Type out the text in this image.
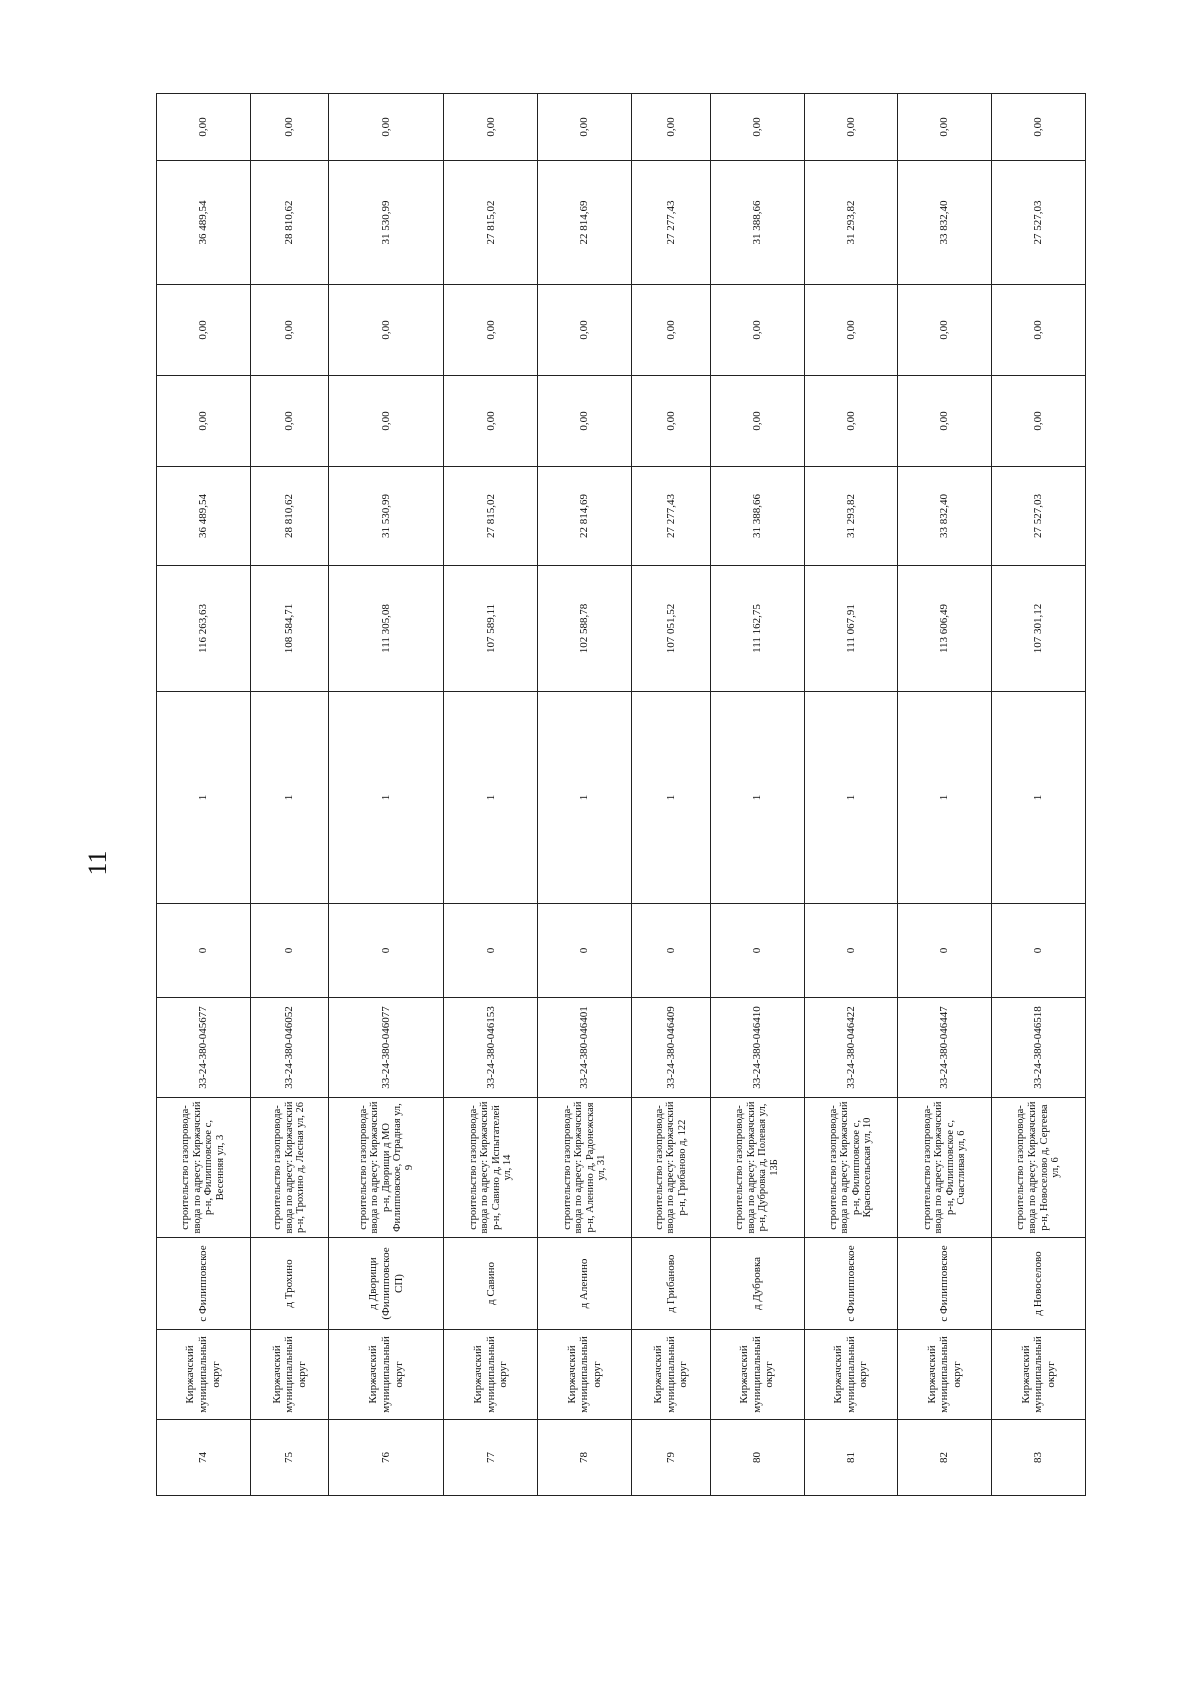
11
74	Киржачский муниципальный округ	с Филипповское	строительство газопровода-ввода по адресу: Киржачский р-н, Филипповское с, Весенняя ул, 3	33-24-380-045677	0	1	116 263,63	36 489,54	0,00	0,00	36 489,54	0,00
75	Киржачский муниципальный округ	д Трохино	строительство газопровода-ввода по адресу: Киржачский р-н, Трохино д, Лесная ул, 26	33-24-380-046052	0	1	108 584,71	28 810,62	0,00	0,00	28 810,62	0,00
76	Киржачский муниципальный округ	д Дворищи (Филипповское СП)	строительство газопровода-ввода по адресу: Киржачский р-н, Дворищи д МО Филипповское, Отрадная ул, 9	33-24-380-046077	0	1	111 305,08	31 530,99	0,00	0,00	31 530,99	0,00
77	Киржачский муниципальный округ	д Савино	строительство газопровода-ввода по адресу: Киржачский р-н, Савино д, Испытателей ул, 14	33-24-380-046153	0	1	107 589,11	27 815,02	0,00	0,00	27 815,02	0,00
78	Киржачский муниципальный округ	д Аленино	строительство газопровода-ввода по адресу: Киржачский р-н, Аленино д, Радонежская ул, 31	33-24-380-046401	0	1	102 588,78	22 814,69	0,00	0,00	22 814,69	0,00
79	Киржачский муниципальный округ	д Грибаново	строительство газопровода-ввода по адресу: Киржачский р-н, Грибаново д, 122	33-24-380-046409	0	1	107 051,52	27 277,43	0,00	0,00	27 277,43	0,00
80	Киржачский муниципальный округ	д Дубровка	строительство газопровода-ввода по адресу: Киржачский р-н, Дубровка д, Полевая ул, 13Б	33-24-380-046410	0	1	111 162,75	31 388,66	0,00	0,00	31 388,66	0,00
81	Киржачский муниципальный округ	с Филипповское	строительство газопровода-ввода по адресу: Киржачский р-н, Филипповское с, Красносельская ул, 10	33-24-380-046422	0	1	111 067,91	31 293,82	0,00	0,00	31 293,82	0,00
82	Киржачский муниципальный округ	с Филипповское	строительство газопровода-ввода по адресу: Киржачский р-н, Филипповское с, Счастливая ул, 6	33-24-380-046447	0	1	113 606,49	33 832,40	0,00	0,00	33 832,40	0,00
83	Киржачский муниципальный округ	д Новоселово	строительство газопровода-ввода по адресу: Киржачский р-н, Новоселово д, Сергеева ул, 6	33-24-380-046518	0	1	107 301,12	27 527,03	0,00	0,00	27 527,03	0,00
